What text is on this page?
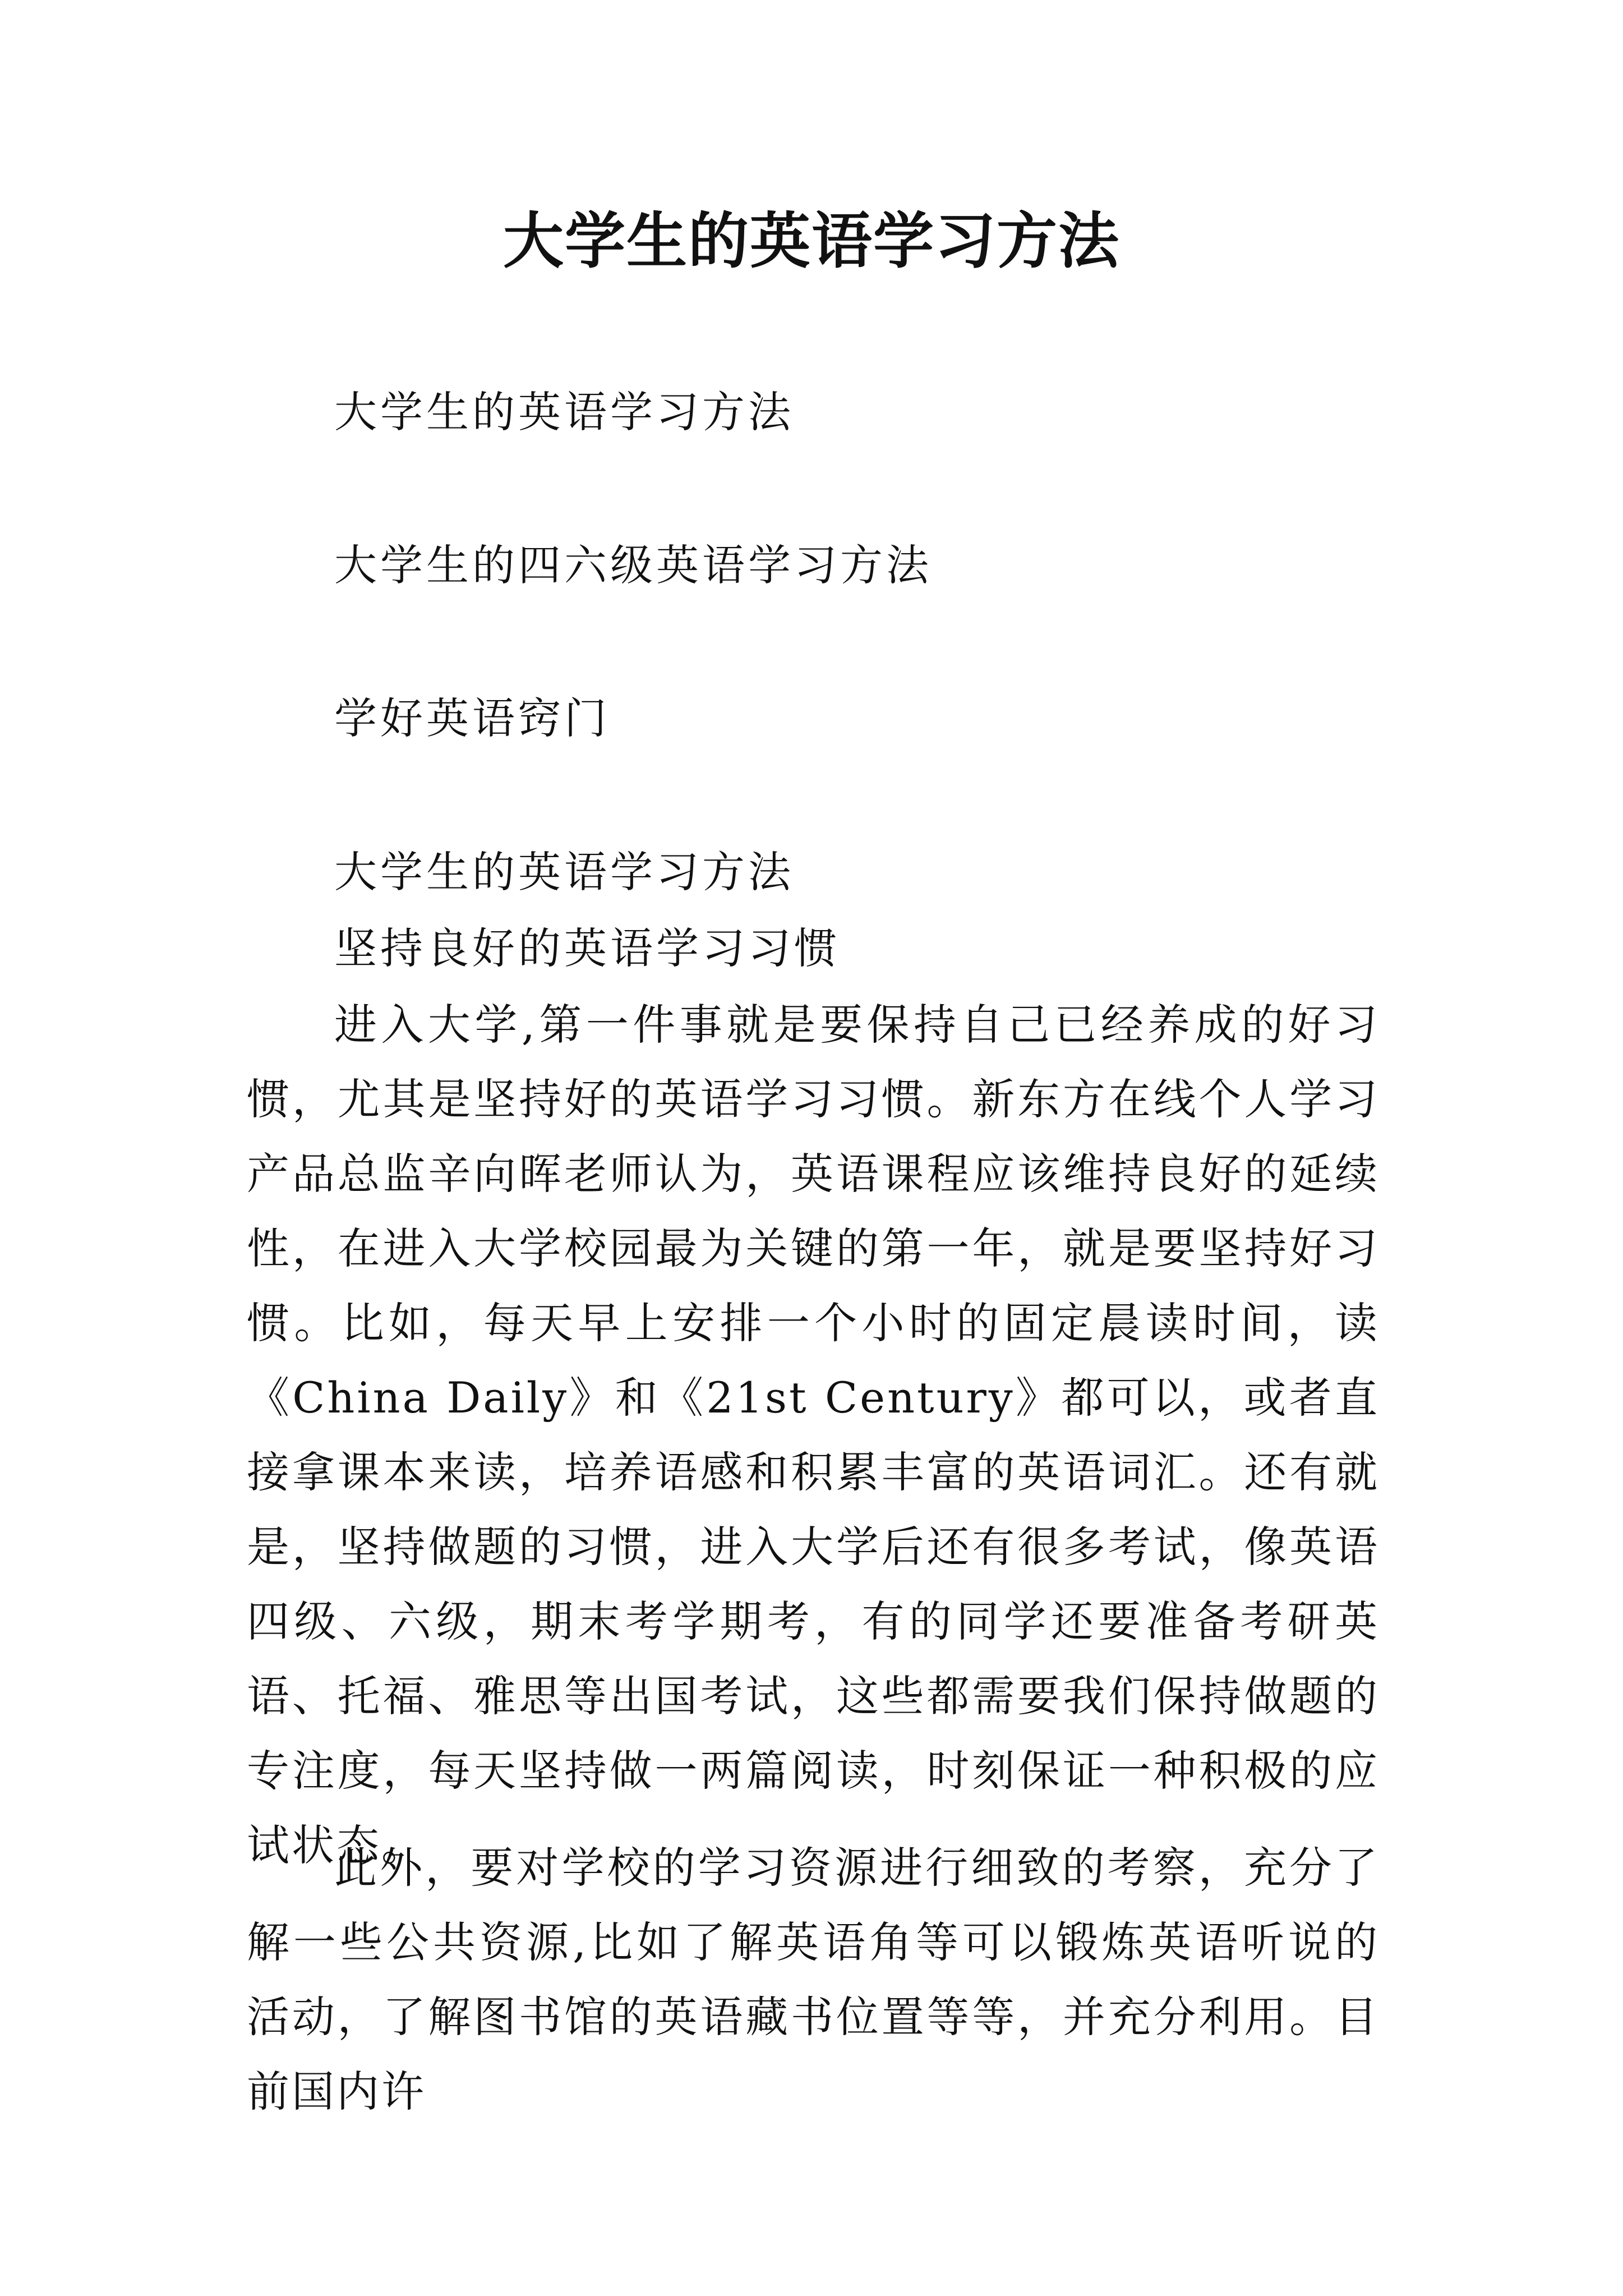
大学生的英语学习方法
大学生的英语学习方法
大学生的四六级英语学习方法
学好英语窍门
大学生的英语学习方法
坚持良好的英语学习习惯

进入大学,第一件事就是要保持自己已经养成的好习惯，尤其是坚持好的英语学习习惯。新东方在线个人学习产品总监辛向晖老师认为，英语课程应该维持良好的延续性，在进入大学校园最为关键的第一年，就是要坚持好习惯。比如，每天早上安排一个小时的固定晨读时间，读《China Daily》和《21st Century》都可以，或者直接拿课本来读，培养语感和积累丰富的英语词汇。还有就是，坚持做题的习惯，进入大学后还有很多考试，像英语四级、六级，期末考学期考，有的同学还要准备考研英语、托福、雅思等出国考试，这些都需要我们保持做题的专注度，每天坚持做一两篇阅读，时刻保证一种积极的应试状态。

此外，要对学校的学习资源进行细致的考察，充分了解一些公共资源,比如了解英语角等可以锻炼英语听说的活动，了解图书馆的英语藏书位置等等，并充分利用。目前国内许
